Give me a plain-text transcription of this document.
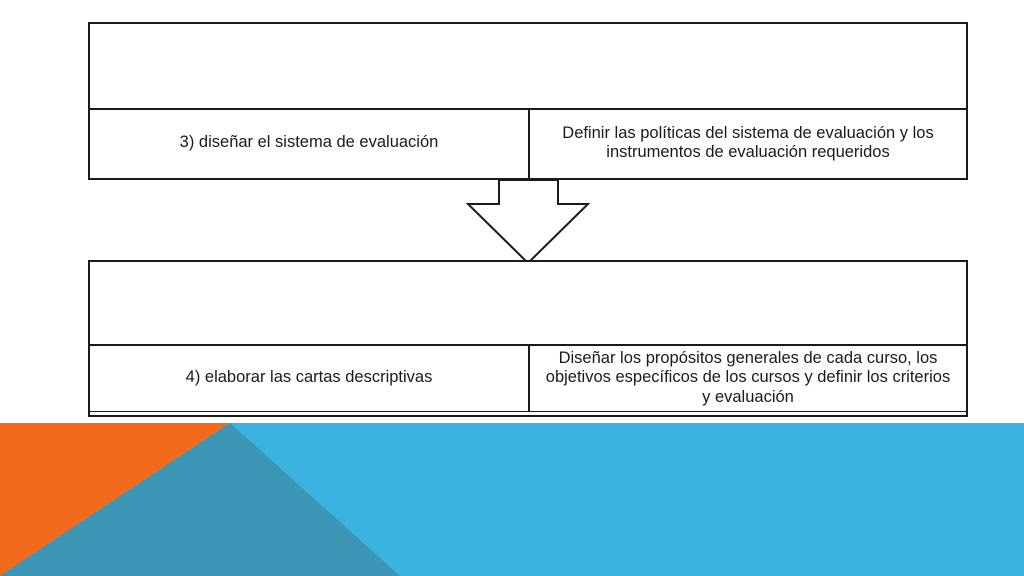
3) diseñar el sistema de evaluación
Definir las políticas del sistema de evaluación y los instrumentos de evaluación requeridos
4) elaborar las cartas descriptivas
Diseñar los propósitos generales de cada curso, los objetivos específicos de los cursos y definir los criterios y evaluación
